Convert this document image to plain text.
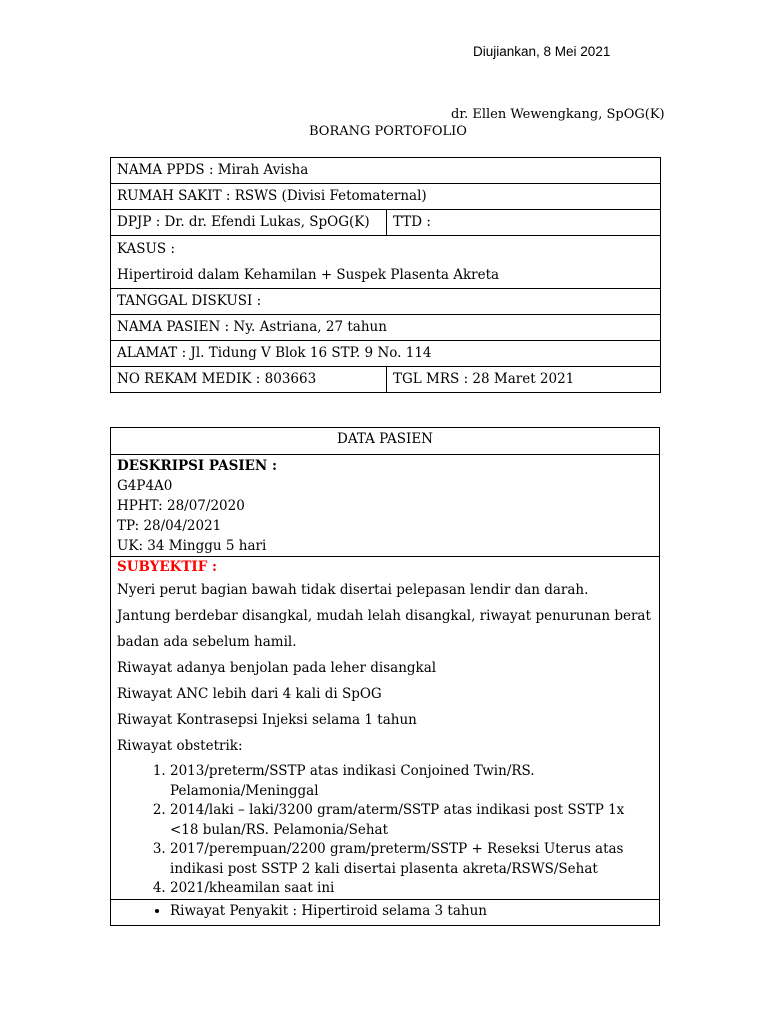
Diujiankan, 8 Mei 2021
dr. Ellen Wewengkang, SpOG(K)
BORANG PORTOFOLIO
NAMA PPDS : Mirah Avisha	
RUMAH SAKIT : RSWS (Divisi Fetomaternal)	
DPJP : Dr. dr. Efendi Lukas, SpOG(K)	TTD :
KASUS :
Hipertiroid dalam Kehamilan + Suspek Plasenta Akreta	

TANGGAL DISKUSI :	
NAMA PASIEN : Ny. Astriana, 27 tahun	
ALAMAT : Jl. Tidung V Blok 16 STP. 9 No. 114	
NO REKAM MEDIK : 803663	TGL MRS : 28 Maret 2021
DATA PASIEN

DESKRIPSI PASIEN :
G4P4A0
HPHT: 28/07/2020
TP: 28/04/2021
UK: 34 Minggu 5 hari

SUBYEKTIF :

Nyeri perut bagian bawah tidak disertai pelepasan lendir dan darah.

Jantung berdebar disangkal, mudah lelah disangkal, riwayat penurunan berat badan ada sebelum hamil.

Riwayat adanya benjolan pada leher disangkal

Riwayat ANC lebih dari 4 kali di SpOG

Riwayat Kontrasepsi Injeksi selama 1 tahun

Riwayat obstetrik:

1. 2013/preterm/SSTP atas indikasi Conjoined Twin/RS. Pelamonia/Meninggal
2. 2014/laki – laki/3200 gram/aterm/SSTP atas indikasi post SSTP 1x <18 bulan/RS. Pelamonia/Sehat
3. 2017/perempuan/2200 gram/preterm/SSTP + Reseksi Uterus atas indikasi post SSTP 2 kali disertai plasenta akreta/RSWS/Sehat
4. 2021/kheamilan saat ini

• Riwayat Penyakit : Hipertiroid selama 3 tahun
